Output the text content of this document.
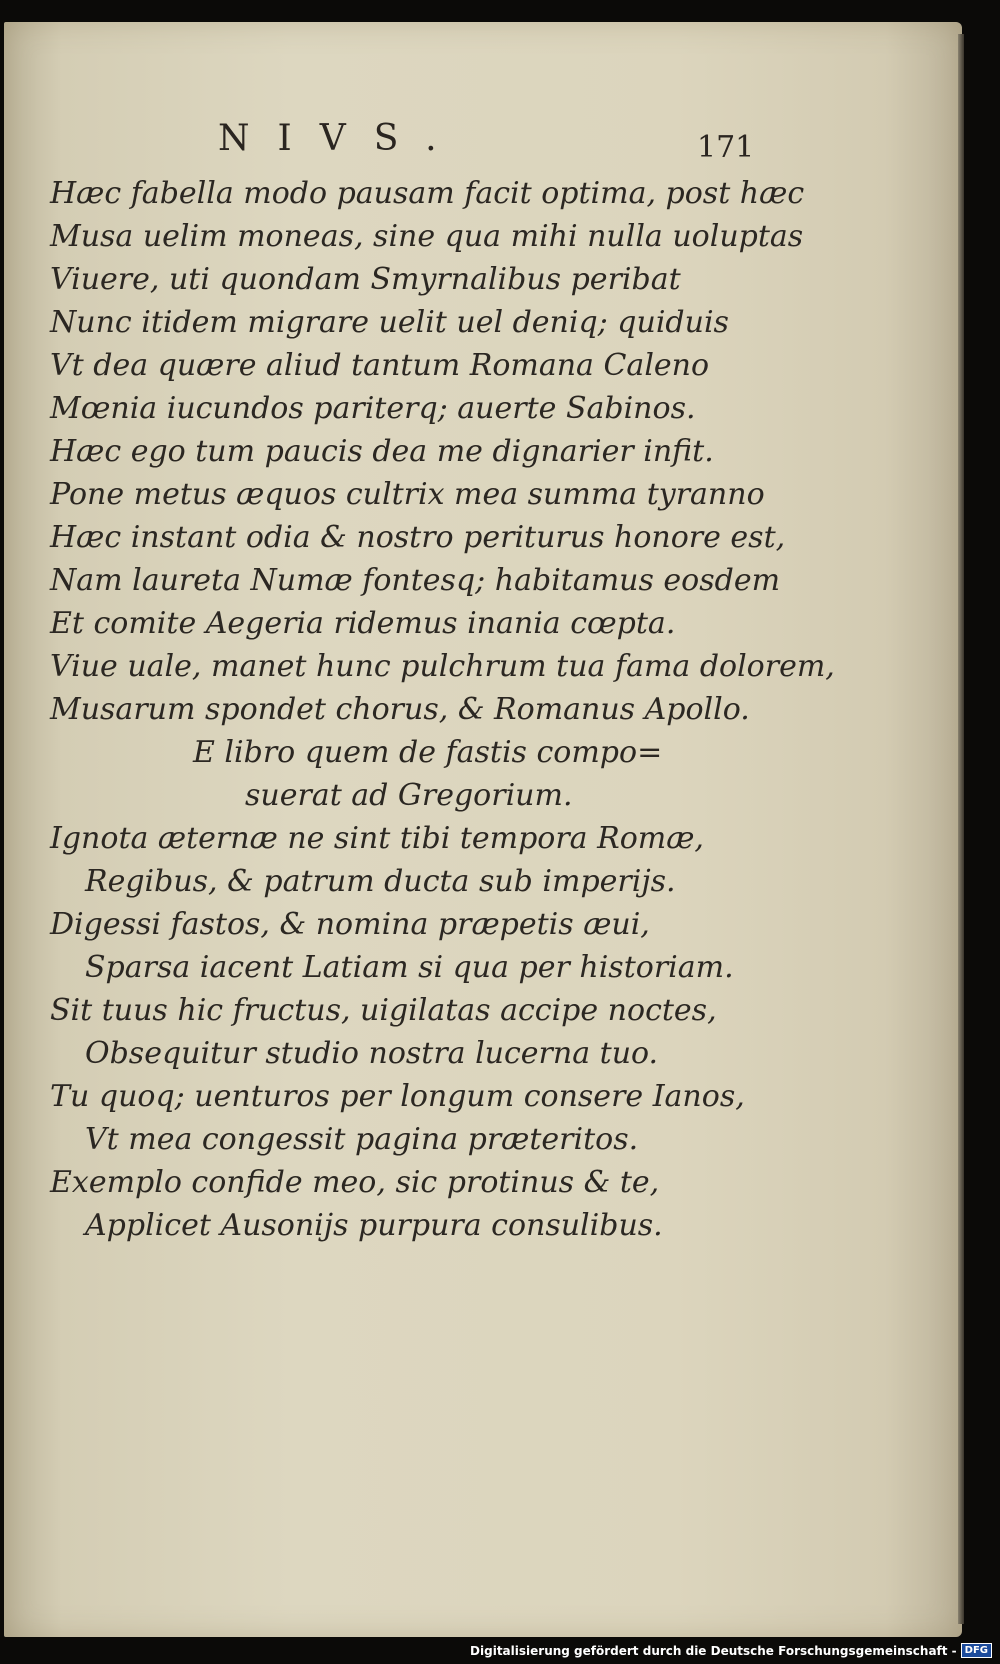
NIVS.	171
Hæc fabella modo pausam facit optima, post hæc
Musa uelim moneas, sine qua mihi nulla uoluptas
Viuere, uti quondam Smyrnalibus peribat
Nunc itidem migrare uelit uel deniq; quiduis
Vt dea quære aliud tantum Romana Caleno
Mœnia iucundos pariterq; auerte Sabinos.
Hæc ego tum paucis dea me dignarier infit.
Pone metus æquos cultrix mea summa tyranno
Hæc instant odia & nostro periturus honore est,
Nam laureta Numæ fontesq; habitamus eosdem
Et comite Aegeria ridemus inania cœpta.
Viue uale, manet hunc pulchrum tua fama dolorem,
Musarum spondet chorus, & Romanus Apollo.
E libro quem de fastis compo=
suerat ad Gregorium.
Ignota æternæ ne sint tibi tempora Romæ,
Regibus, & patrum ducta sub imperijs.
Digessi fastos, & nomina præpetis æui,
Sparsa iacent Latiam si qua per historiam.
Sit tuus hic fructus, uigilatas accipe noctes,
Obsequitur studio nostra lucerna tuo.
Tu quoq; uenturos per longum consere Ianos,
Vt mea congessit pagina præteritos.
Exemplo confide meo, sic protinus & te,
Applicet Ausonijs purpura consulibus.
Digitalisierung gefördert durch die Deutsche Forschungsgemeinschaft - DFG
